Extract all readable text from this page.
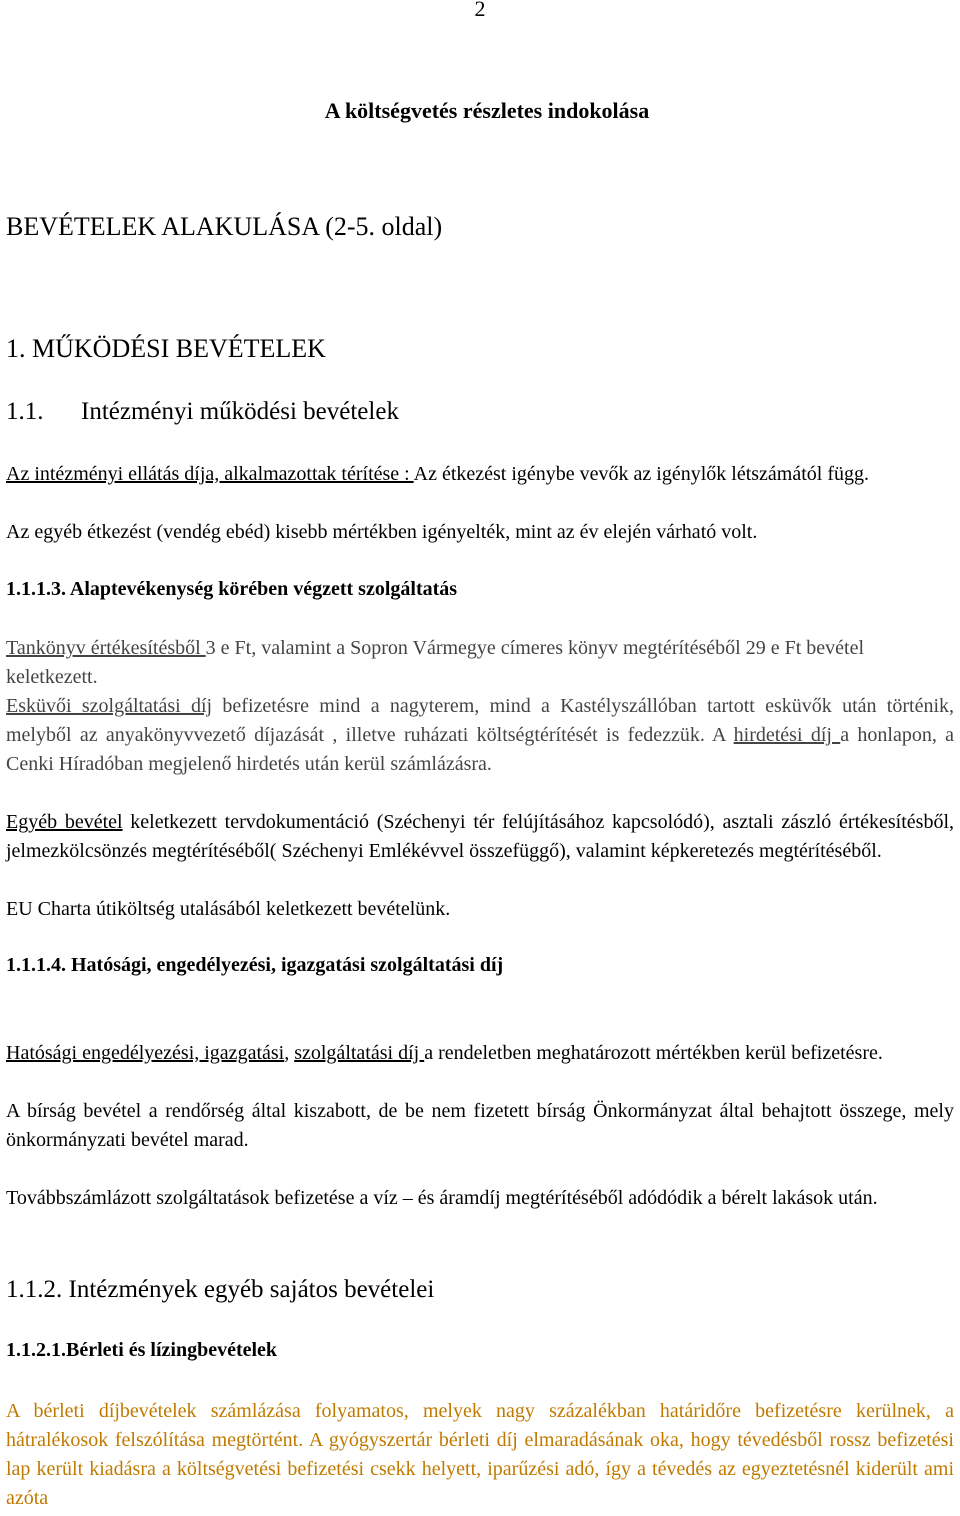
2
A költségvetés részletes indokolása
BEVÉTELEK ALAKULÁSA (2-5. oldal)
1. MŰKÖDÉSI BEVÉTELEK
1.1. Intézményi működési bevételek
Az intézményi ellátás díja, alkalmazottak térítése : Az étkezést igénybe vevők az igénylők létszámától függ.
Az egyéb étkezést (vendég ebéd) kisebb mértékben igényelték, mint az év elején várható volt.
1.1.1.3. Alaptevékenység körében végzett szolgáltatás
Tankönyv értékesítésből 3 e Ft, valamint a Sopron Vármegye címeres könyv megtérítéséből 29 e Ft bevétel keletkezett.
Esküvői szolgáltatási díj befizetésre mind a nagyterem, mind a Kastélyszállóban tartott esküvők után történik, melyből az anyakönyvvezető díjazását , illetve ruházati költségtérítését is fedezzük. A hirdetési díj a honlapon, a Cenki Híradóban megjelenő hirdetés után kerül számlázásra.
Egyéb bevétel keletkezett tervdokumentáció (Széchenyi tér felújításához kapcsolódó), asztali zászló értékesítésből, jelmezkölcsönzés megtérítéséből( Széchenyi Emlékévvel összefüggő), valamint képkeretezés megtérítéséből.
EU Charta útiköltség utalásából keletkezett bevételünk.
1.1.1.4. Hatósági, engedélyezési, igazgatási szolgáltatási díj
Hatósági engedélyezési, igazgatási, szolgáltatási díj a rendeletben meghatározott mértékben kerül befizetésre.
A bírság bevétel a rendőrség által kiszabott, de be nem fizetett bírság Önkormányzat által behajtott összege, mely önkormányzati bevétel marad.
Továbbszámlázott szolgáltatások befizetése a víz – és áramdíj megtérítéséből adódódik a bérelt lakások után.
1.1.2. Intézmények egyéb sajátos bevételei
1.1.2.1.Bérleti és lízingbevételek
A bérleti díjbevételek számlázása folyamatos, melyek nagy százalékban határidőre befizetésre kerülnek, a hátralékosok felszólítása megtörtént. A gyógyszertár bérleti díj elmaradásának oka, hogy tévedésből rossz befizetési lap került kiadásra a költségvetési befizetési csekk helyett, iparűzési adó, így a tévedés az egyeztetésnél kiderült ami azóta
